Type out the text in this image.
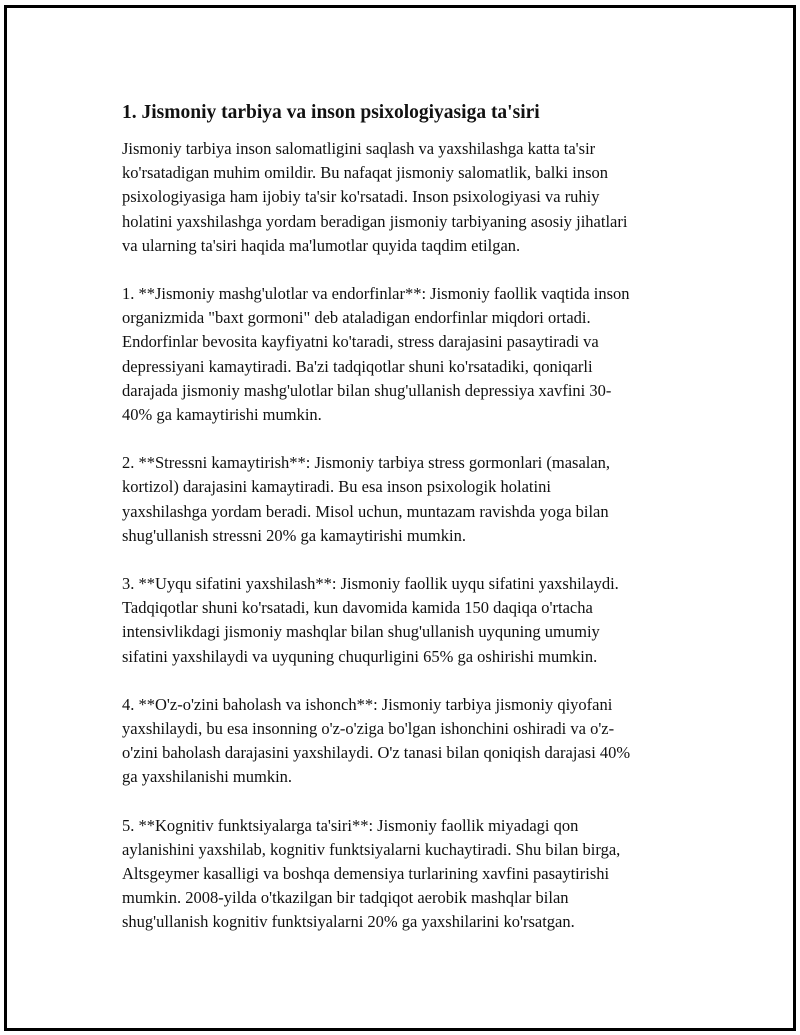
1. Jismoniy tarbiya va inson psixologiyasiga ta'siri

Jismoniy tarbiya inson salomatligini saqlash va yaxshilashga katta ta'sir
ko'rsatadigan muhim omildir. Bu nafaqat jismoniy salomatlik, balki inson
psixologiyasiga ham ijobiy ta'sir ko'rsatadi. Inson psixologiyasi va ruhiy
holatini yaxshilashga yordam beradigan jismoniy tarbiyaning asosiy jihatlari
va ularning ta'siri haqida ma'lumotlar quyida taqdim etilgan.

1. **Jismoniy mashg'ulotlar va endorfinlar**: Jismoniy faollik vaqtida inson
organizmida "baxt gormoni" deb ataladigan endorfinlar miqdori ortadi.
Endorfinlar bevosita kayfiyatni ko'taradi, stress darajasini pasaytiradi va
depressiyani kamaytiradi. Ba'zi tadqiqotlar shuni ko'rsatadiki, qoniqarli
darajada jismoniy mashg'ulotlar bilan shug'ullanish depressiya xavfini 30-
40% ga kamaytirishi mumkin.

2. **Stressni kamaytirish**: Jismoniy tarbiya stress gormonlari (masalan,
kortizol) darajasini kamaytiradi. Bu esa inson psixologik holatini
yaxshilashga yordam beradi. Misol uchun, muntazam ravishda yoga bilan
shug'ullanish stressni 20% ga kamaytirishi mumkin.

3. **Uyqu sifatini yaxshilash**: Jismoniy faollik uyqu sifatini yaxshilaydi.
Tadqiqotlar shuni ko'rsatadi, kun davomida kamida 150 daqiqa o'rtacha
intensivlikdagi jismoniy mashqlar bilan shug'ullanish uyquning umumiy
sifatini yaxshilaydi va uyquning chuqurligini 65% ga oshirishi mumkin.

4. **O'z-o'zini baholash va ishonch**: Jismoniy tarbiya jismoniy qiyofani
yaxshilaydi, bu esa insonning o'z-o'ziga bo'lgan ishonchini oshiradi va o'z-
o'zini baholash darajasini yaxshilaydi. O'z tanasi bilan qoniqish darajasi 40%
ga yaxshilanishi mumkin.

5. **Kognitiv funktsiyalarga ta'siri**: Jismoniy faollik miyadagi qon
aylanishini yaxshilab, kognitiv funktsiyalarni kuchaytiradi. Shu bilan birga,
Altsgeymer kasalligi va boshqa demensiya turlarining xavfini pasaytirishi
mumkin. 2008-yilda o'tkazilgan bir tadqiqot aerobik mashqlar bilan
shug'ullanish kognitiv funktsiyalarni 20% ga yaxshilarini ko'rsatgan.
